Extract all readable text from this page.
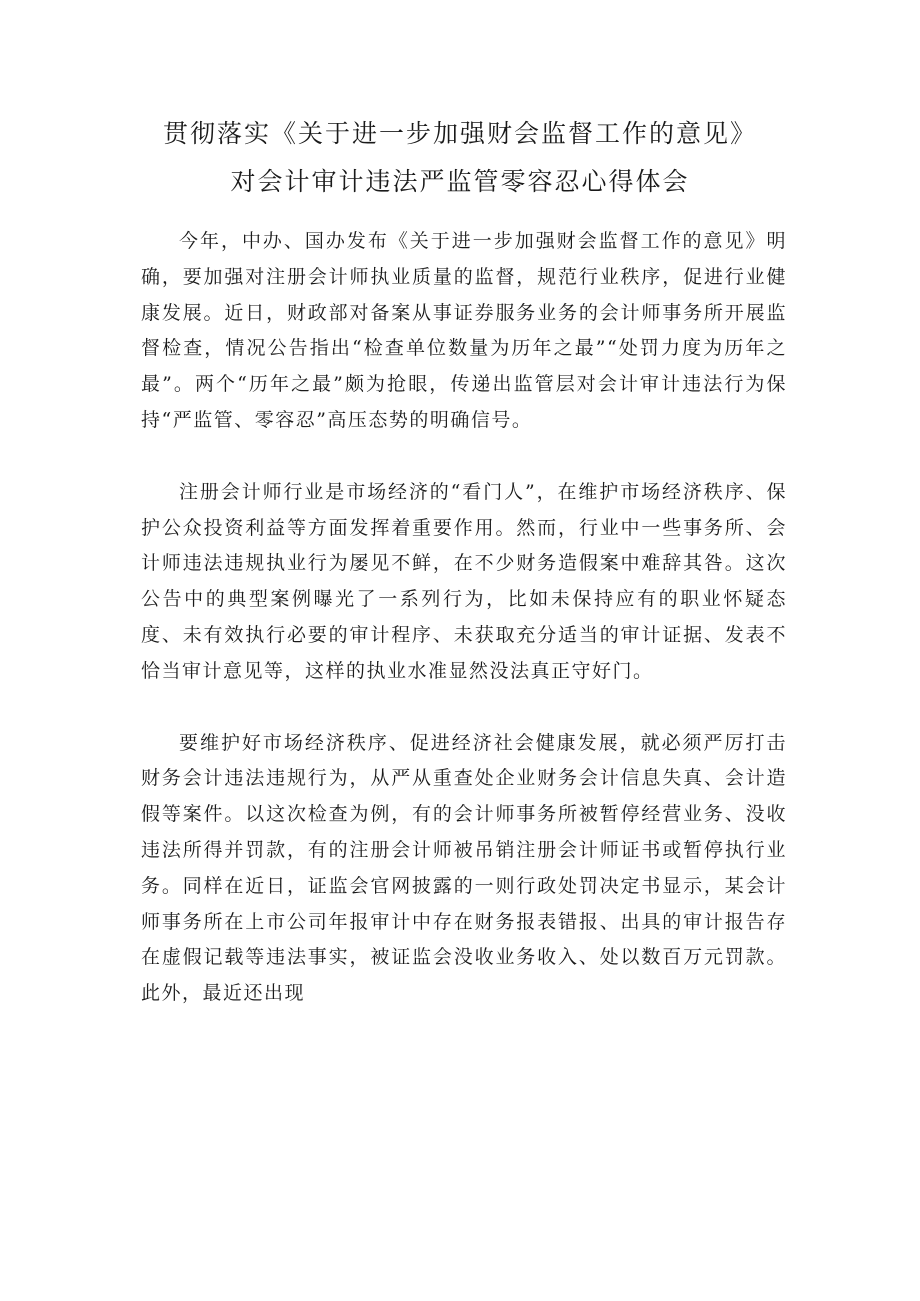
贯彻落实《关于进一步加强财会监督工作的意见》
对会计审计违法严监管零容忍心得体会

今年，中办、国办发布《关于进一步加强财会监督工作的意见》明确，要加强对注册会计师执业质量的监督，规范行业秩序，促进行业健康发展。近日，财政部对备案从事证券服务业务的会计师事务所开展监督检查，情况公告指出“检查单位数量为历年之最”“处罚力度为历年之最”。两个“历年之最”颇为抢眼，传递出监管层对会计审计违法行为保持“严监管、零容忍”高压态势的明确信号。

注册会计师行业是市场经济的“看门人”，在维护市场经济秩序、保护公众投资利益等方面发挥着重要作用。然而，行业中一些事务所、会计师违法违规执业行为屡见不鲜，在不少财务造假案中难辞其咎。这次公告中的典型案例曝光了一系列行为，比如未保持应有的职业怀疑态度、未有效执行必要的审计程序、未获取充分适当的审计证据、发表不恰当审计意见等，这样的执业水准显然没法真正守好门。

要维护好市场经济秩序、促进经济社会健康发展，就必须严厉打击财务会计违法违规行为，从严从重查处企业财务会计信息失真、会计造假等案件。以这次检查为例，有的会计师事务所被暂停经营业务、没收违法所得并罚款，有的注册会计师被吊销注册会计师证书或暂停执行业务。同样在近日，证监会官网披露的一则行政处罚决定书显示，某会计师事务所在上市公司年报审计中存在财务报表错报、出具的审计报告存在虚假记载等违法事实，被证监会没收业务收入、处以数百万元罚款。此外，最近还出现
